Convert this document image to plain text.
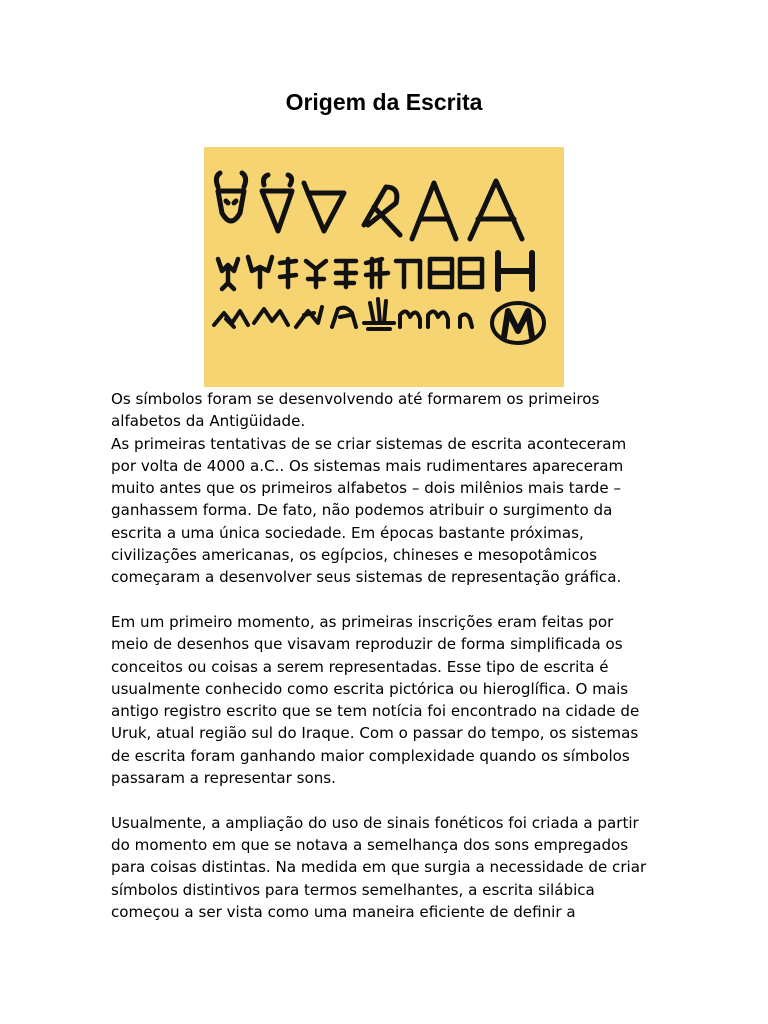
Origem da Escrita

Os símbolos foram se desenvolvendo até formarem os primeiros
alfabetos da Antigüidade.

As primeiras tentativas de se criar sistemas de escrita aconteceram
por volta de 4000 a.C.. Os sistemas mais rudimentares apareceram
muito antes que os primeiros alfabetos – dois milênios mais tarde –
ganhassem forma. De fato, não podemos atribuir o surgimento da
escrita a uma única sociedade. Em épocas bastante próximas,
civilizações americanas, os egípcios, chineses e mesopotâmicos
começaram a desenvolver seus sistemas de representação gráfica.

Em um primeiro momento, as primeiras inscrições eram feitas por
meio de desenhos que visavam reproduzir de forma simplificada os
conceitos ou coisas a serem representadas. Esse tipo de escrita é
usualmente conhecido como escrita pictórica ou hieroglífica. O mais
antigo registro escrito que se tem notícia foi encontrado na cidade de
Uruk, atual região sul do Iraque. Com o passar do tempo, os sistemas
de escrita foram ganhando maior complexidade quando os símbolos
passaram a representar sons.

Usualmente, a ampliação do uso de sinais fonéticos foi criada a partir
do momento em que se notava a semelhança dos sons empregados
para coisas distintas. Na medida em que surgia a necessidade de criar
símbolos distintivos para termos semelhantes, a escrita silábica
começou a ser vista como uma maneira eficiente de definir a
